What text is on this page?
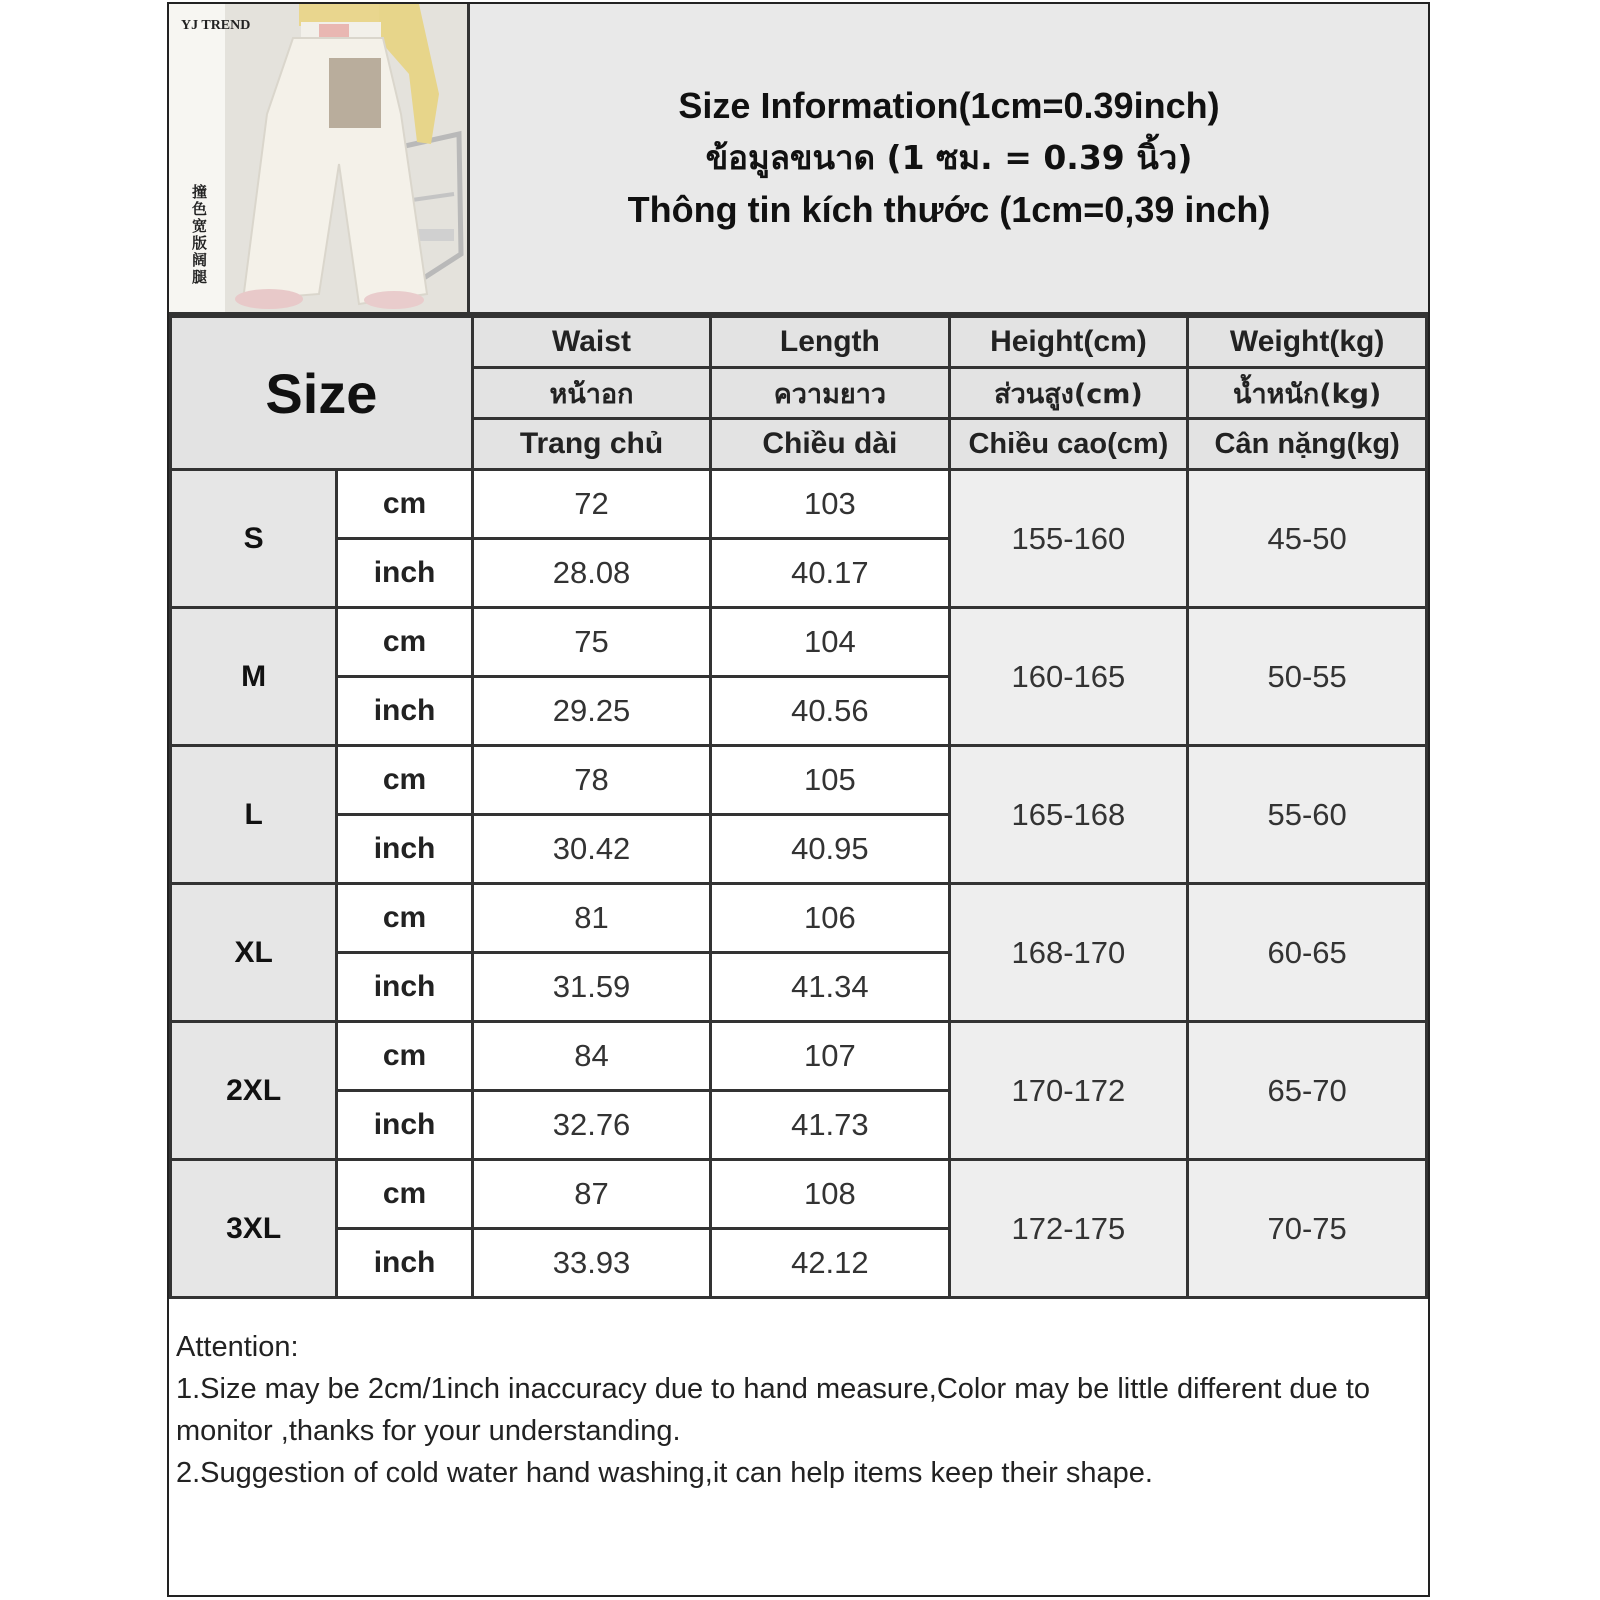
YJ TREND
撞色宽版阔腿
Size Information(1cm=0.39inch)
ข้อมูลขนาด (1 ซม. = 0.39 นิ้ว)
Thông tin kích thước (1cm=0,39 inch)
Size		Waist	Length	Height(cm)	Weight(kg)
		หน้าอก	ความยาว	ส่วนสูง(cm)	น้ำหนัก(kg)
		Trang chủ	Chiều dài	Chiều cao(cm)	Cân nặng(kg)
S	cm	72	103	155-160	45-50
	inch	28.08	40.17		
M	cm	75	104	160-165	50-55
	inch	29.25	40.56		
L	cm	78	105	165-168	55-60
	inch	30.42	40.95		
XL	cm	81	106	168-170	60-65
	inch	31.59	41.34		
2XL	cm	84	107	170-172	65-70
	inch	32.76	41.73		
3XL	cm	87	108	172-175	70-75
	inch	33.93	42.12		

Attention:

1.Size may be 2cm/1inch inaccuracy due to hand measure,Color may be little different due to monitor ,thanks for your understanding.

2.Suggestion of cold water hand washing,it can help items keep their shape.
